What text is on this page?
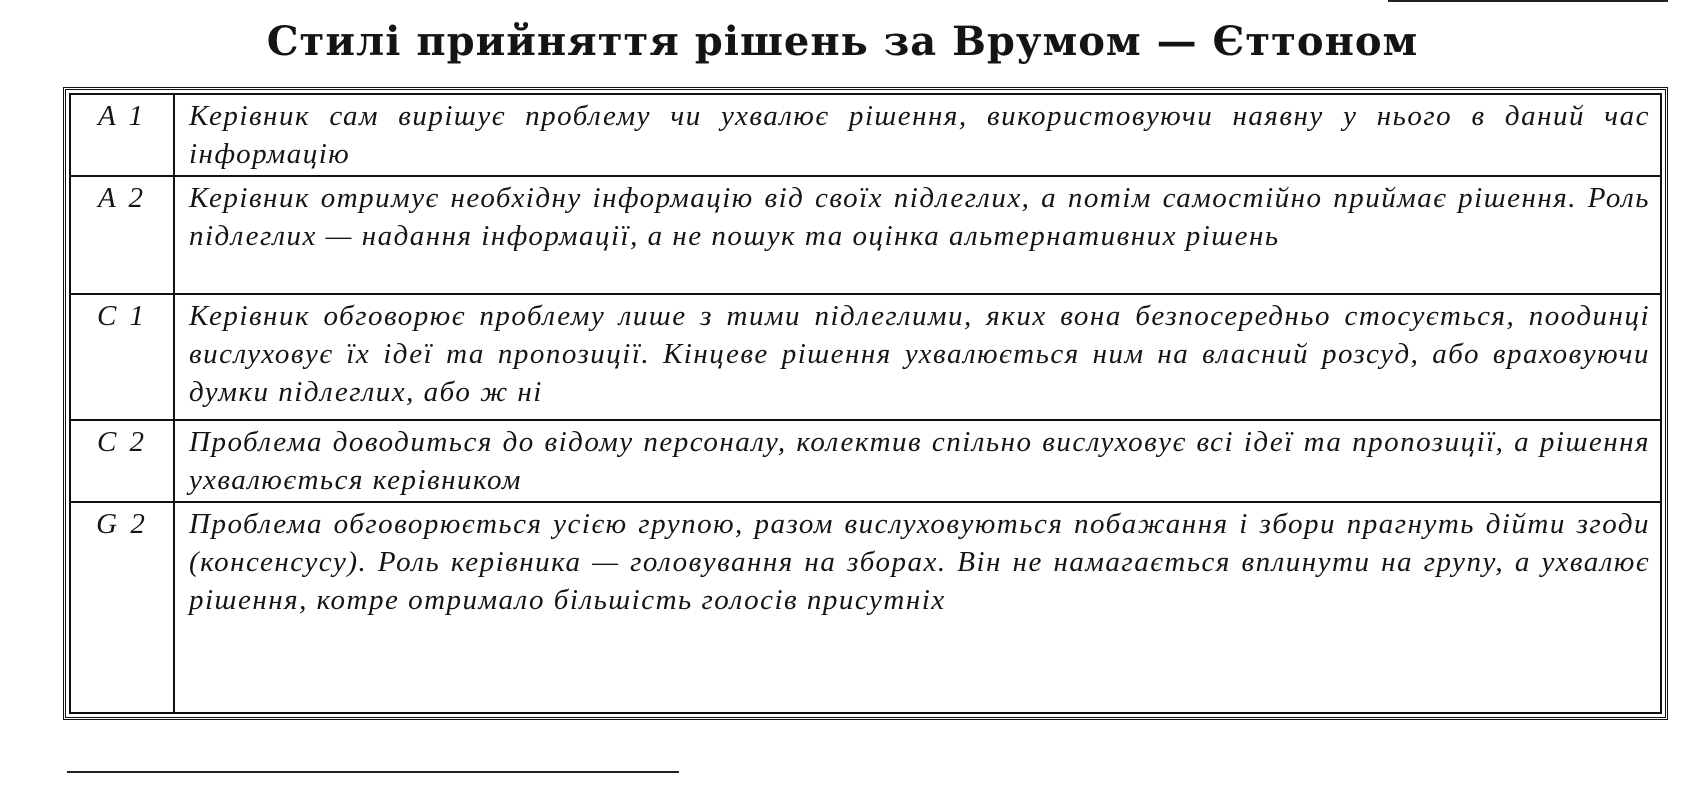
Стилі прийняття рішень за Врумом — Єттоном
A 1	Керівник сам вирішує проблему чи ухвалює рішення, використовуючи наявну у нього в даний час інформацію
A 2	Керівник отримує необхідну інформацію від своїх підлеглих, а потім самостійно приймає рішення. Роль підлеглих — надання інформації, а не пошук та оцінка альтернативних рішень
C 1	Керівник обговорює проблему лише з тими підлеглими, яких вона безпосередньо стосується, поодинці вислуховує їх ідеї та пропозиції. Кінцеве рішення ухвалюється ним на власний розсуд, або враховуючи думки підлеглих, або ж ні
C 2	Проблема доводиться до відому персоналу, колектив спільно вислуховує всі ідеї та пропозиції, а рішення ухвалюється керівником
G 2	Проблема обговорюється усією групою, разом вислуховуються побажання і збори прагнуть дійти згоди (консенсусу). Роль керівника — головування на зборах. Він не намагається вплинути на групу, а ухвалює рішення, котре отримало більшість голосів присутніх
